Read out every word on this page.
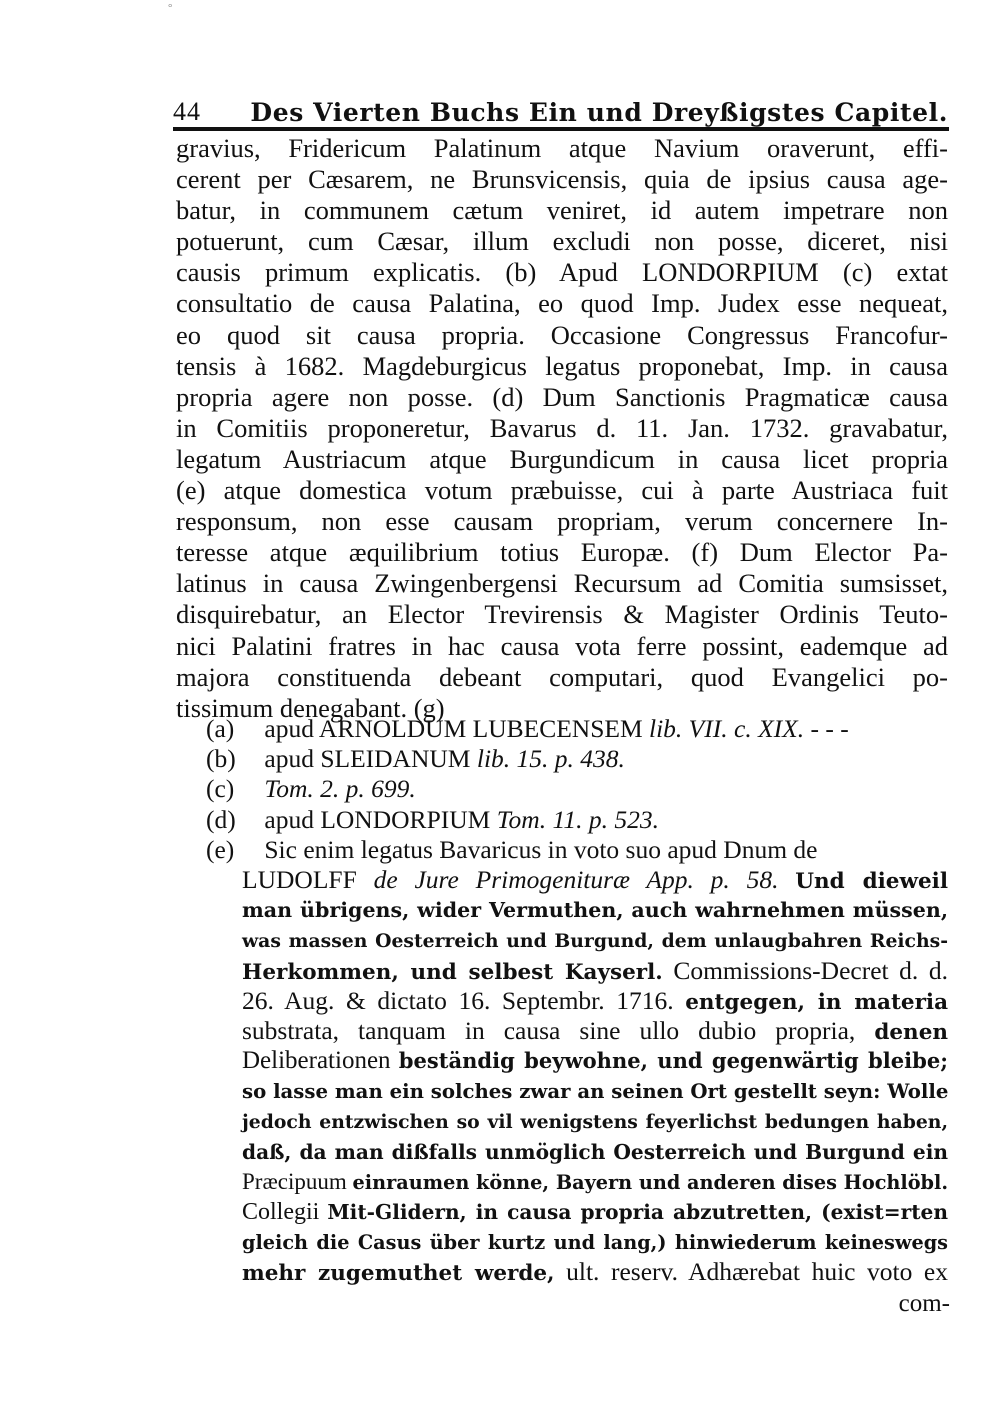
°
44	Des Vierten Buchs Ein und Dreyßigstes Capitel.
gravius, Fridericum Palatinum atque Navium oraverunt, effi-
cerent per Cæsarem, ne Brunsvicensis, quia de ipsius causa age-
batur, in communem cætum veniret, id autem impetrare non
potuerunt, cum Cæsar, illum excludi non posse, diceret, nisi
causis primum explicatis. (b) Apud LONDORPIUM (c) extat
consultatio de causa Palatina, eo quod Imp. Judex esse nequeat,
eo quod sit causa propria. Occasione Congressus Francofur-
tensis à 1682. Magdeburgicus legatus proponebat, Imp. in causa
propria agere non posse. (d) Dum Sanctionis Pragmaticæ causa
in Comitiis proponeretur, Bavarus d. 11. Jan. 1732. gravabatur,
legatum Austriacum atque Burgundicum in causa licet propria
(e) atque domestica votum præbuisse, cui à parte Austriaca fuit
responsum, non esse causam propriam, verum concernere In-
teresse atque æquilibrium totius Europæ. (f) Dum Elector Pa-
latinus in causa Zwingenbergensi Recursum ad Comitia sumsisset,
disquirebatur, an Elector Trevirensis & Magister Ordinis Teuto-
nici Palatini fratres in hac causa vota ferre possint, eademque ad
majora constituenda debeant computari, quod Evangelici po-
tissimum denegabant. (g)
(a) apud ARNOLDUM LUBECENSEM lib. VII. c. XIX. - - -
(b) apud SLEIDANUM lib. 15. p. 438.
(c) Tom. 2. p. 699.
(d) apud LONDORPIUM Tom. 11. p. 523.
(e) Sic enim legatus Bavaricus in voto suo apud Dnum de
LUDOLFF de Jure Primogenituræ App. p. 58. Und dieweil
man übrigens, wider Vermuthen, auch wahrnehmen müssen,
was massen Oesterreich und Burgund, dem unlaugbahren Reichs-
Herkommen, und selbest Kayserl. Commissions-Decret d. d.
26. Aug. & dictato 16. Septembr. 1716. entgegen, in materia
substrata, tanquam in causa sine ullo dubio propria, denen
Deliberationen beständig beywohne, und gegenwärtig bleibe;
so lasse man ein solches zwar an seinen Ort gestellt seyn: Wolle
jedoch entzwischen so vil wenigstens feyerlichst bedungen haben,
daß, da man dißfalls unmöglich Oesterreich und Burgund ein
Præcipuum einraumen könne, Bayern und anderen dises Hochlöbl.
Collegii Mit-Glidern, in causa propria abzutretten, (exist=rten
gleich die Casus über kurtz und lang,) hinwiederum keineswegs
mehr zugemuthet werde, ult. reserv. Adhærebat huic voto ex
com-
